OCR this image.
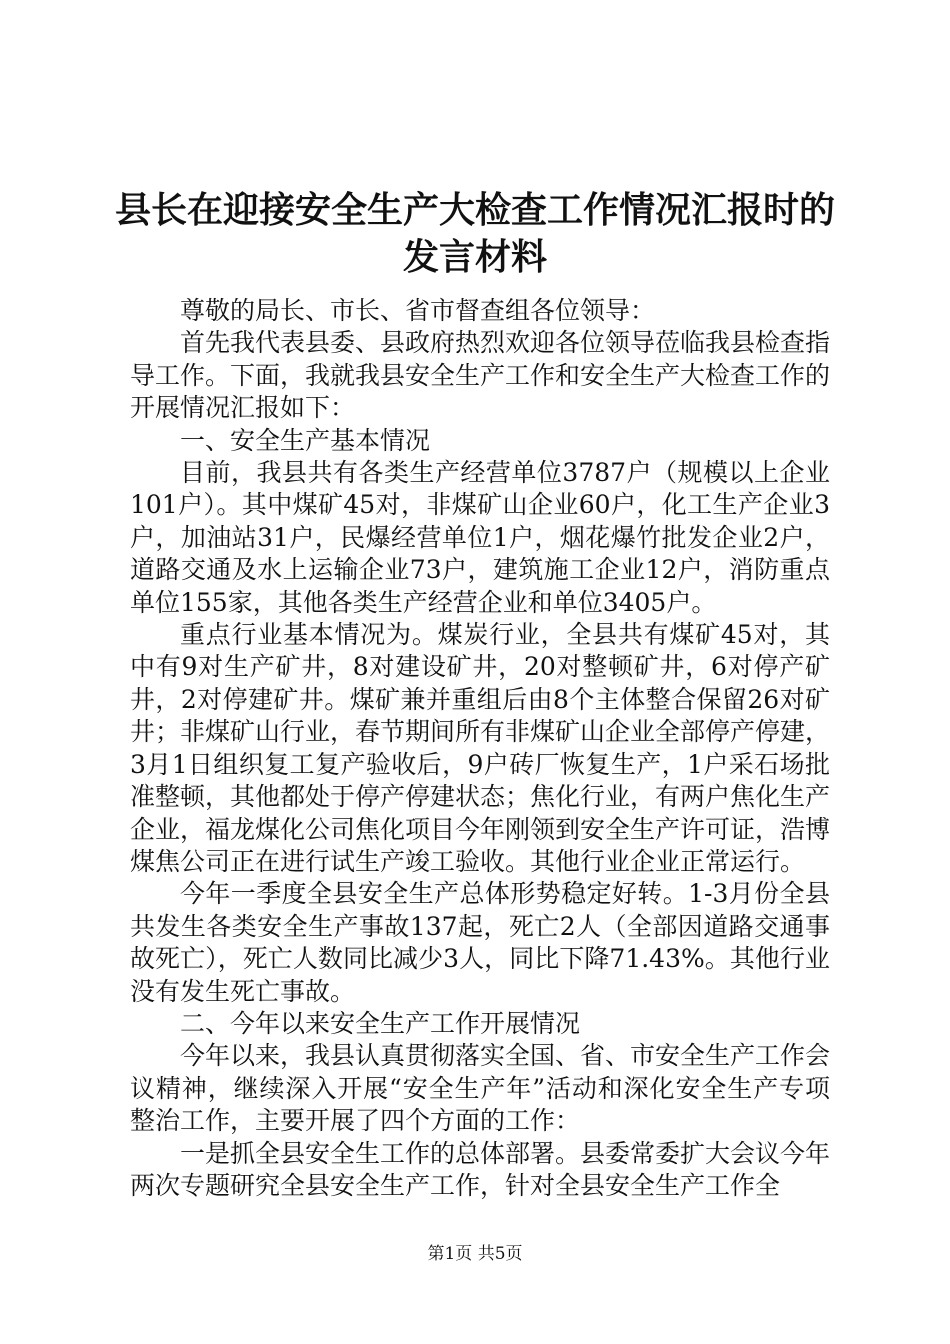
县长在迎接安全生产大检查工作情况汇报时的
发言材料

尊敬的局长、市长、省市督查组各位领导：

首先我代表县委、县政府热烈欢迎各位领导莅临我县检查指导工作。下面，我就我县安全生产工作和安全生产大检查工作的开展情况汇报如下：

一、安全生产基本情况

目前，我县共有各类生产经营单位3787户（规模以上企业101户）。其中煤矿45对，非煤矿山企业60户，化工生产企业3户，加油站31户，民爆经营单位1户，烟花爆竹批发企业2户，道路交通及水上运输企业73户，建筑施工企业12户，消防重点单位155家，其他各类生产经营企业和单位3405户。

重点行业基本情况为。煤炭行业，全县共有煤矿45对，其中有9对生产矿井，8对建设矿井，20对整顿矿井，6对停产矿井，2对停建矿井。煤矿兼并重组后由8个主体整合保留26对矿井；非煤矿山行业，春节期间所有非煤矿山企业全部停产停建，3月1日组织复工复产验收后，9户砖厂恢复生产，1户采石场批准整顿，其他都处于停产停建状态；焦化行业，有两户焦化生产企业，福龙煤化公司焦化项目今年刚领到安全生产许可证，浩博煤焦公司正在进行试生产竣工验收。其他行业企业正常运行。

今年一季度全县安全生产总体形势稳定好转。1-3月份全县共发生各类安全生产事故137起，死亡2人（全部因道路交通事故死亡），死亡人数同比减少3人，同比下降71.43%。其他行业没有发生死亡事故。

二、今年以来安全生产工作开展情况

今年以来，我县认真贯彻落实全国、省、市安全生产工作会议精神，继续深入开展“安全生产年”活动和深化安全生产专项整治工作，主要开展了四个方面的工作：

一是抓全县安全生工作的总体部署。县委常委扩大会议今年两次专题研究全县安全生产工作，针对全县安全生产工作全

第1页 共5页
